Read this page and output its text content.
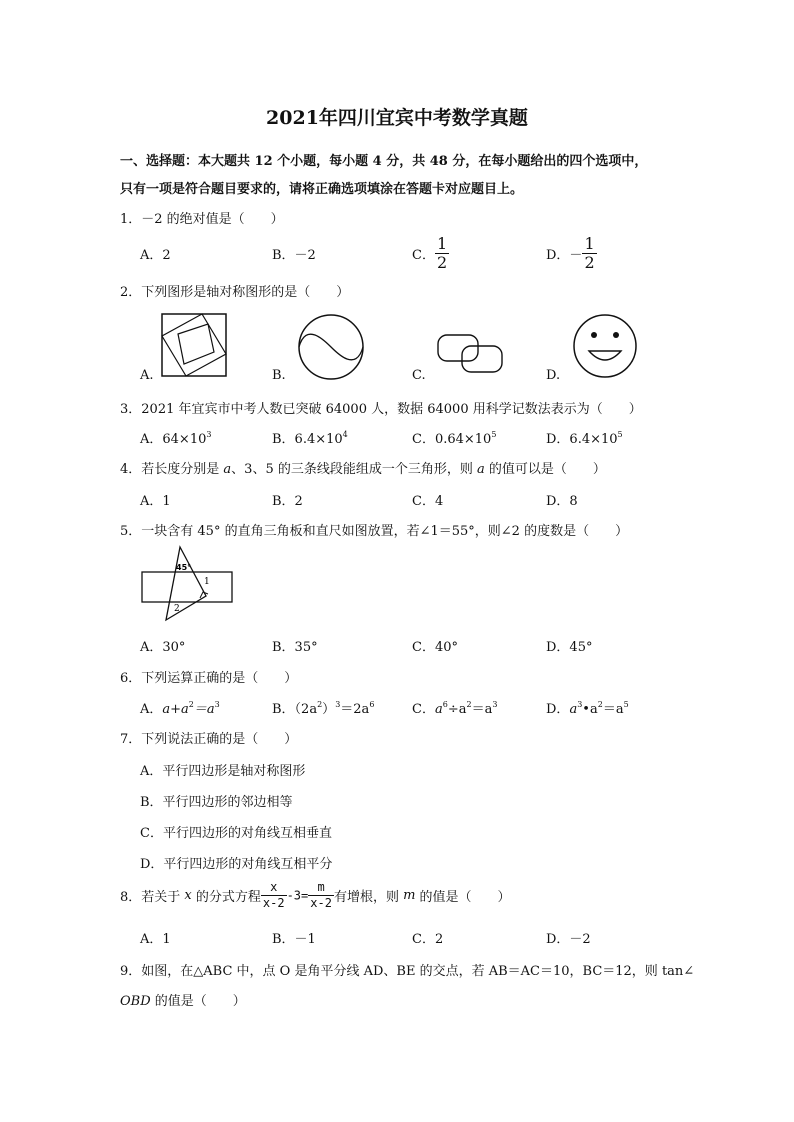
2021年四川宜宾中考数学真题
一、选择题：本大题共 12 个小题，每小题 4 分，共 48 分，在每小题给出的四个选项中，
只有一项是符合题目要求的，请将正确选项填涂在答题卡对应题目上。
1．－2 的绝对值是（　　）
A．2	B．－2	C． $\frac{1}{2}$	D．－ $\frac{1}{2}$
2．下列图形是轴对称图形的是（　　）
A.	B.	C.	D.
3．2021 年宜宾市中考人数已突破 64000 人，数据 64000 用科学记数法表示为（　　）
A．$64\times 10^3$	B．$6.4\times 10^4$	C．$0.64\times 10^5$	D．$6.4\times 10^5$
4．若长度分别是 a、3、5 的三条线段能组成一个三角形，则 a 的值可以是（　　）
A．1	B．2	C．4	D．8
5．一块含有 45° 的直角三角板和直尺如图放置，若∠1＝55°，则∠2 的度数是（　　）
45°
1
2
A．30°	B．35°	C．40°	D．45°
6．下列运算正确的是（　　）
A．$a+a^2=a^3$	B．$(2a^2)^3=2a^6$	C．$a^6\div a^2=a^3$	D．$a^3•a^2=a^5$
7．下列说法正确的是（　　）
A．平行四边形是轴对称图形
B．平行四边形的邻边相等
C．平行四边形的对角线互相垂直
D．平行四边形的对角线互相平分
8．若关于 x 的分式方程 $\frac{x}{x-2} -3= \frac{m}{x-2}$ 有增根，则 m 的值是（　　）
A．1	B．－1	C．2	D．－2
9．如图，在△ABC 中，点 O 是角平分线 AD、BE 的交点，若 AB＝AC＝10，BC＝12，则 tan∠
OBD 的值是（　　）
